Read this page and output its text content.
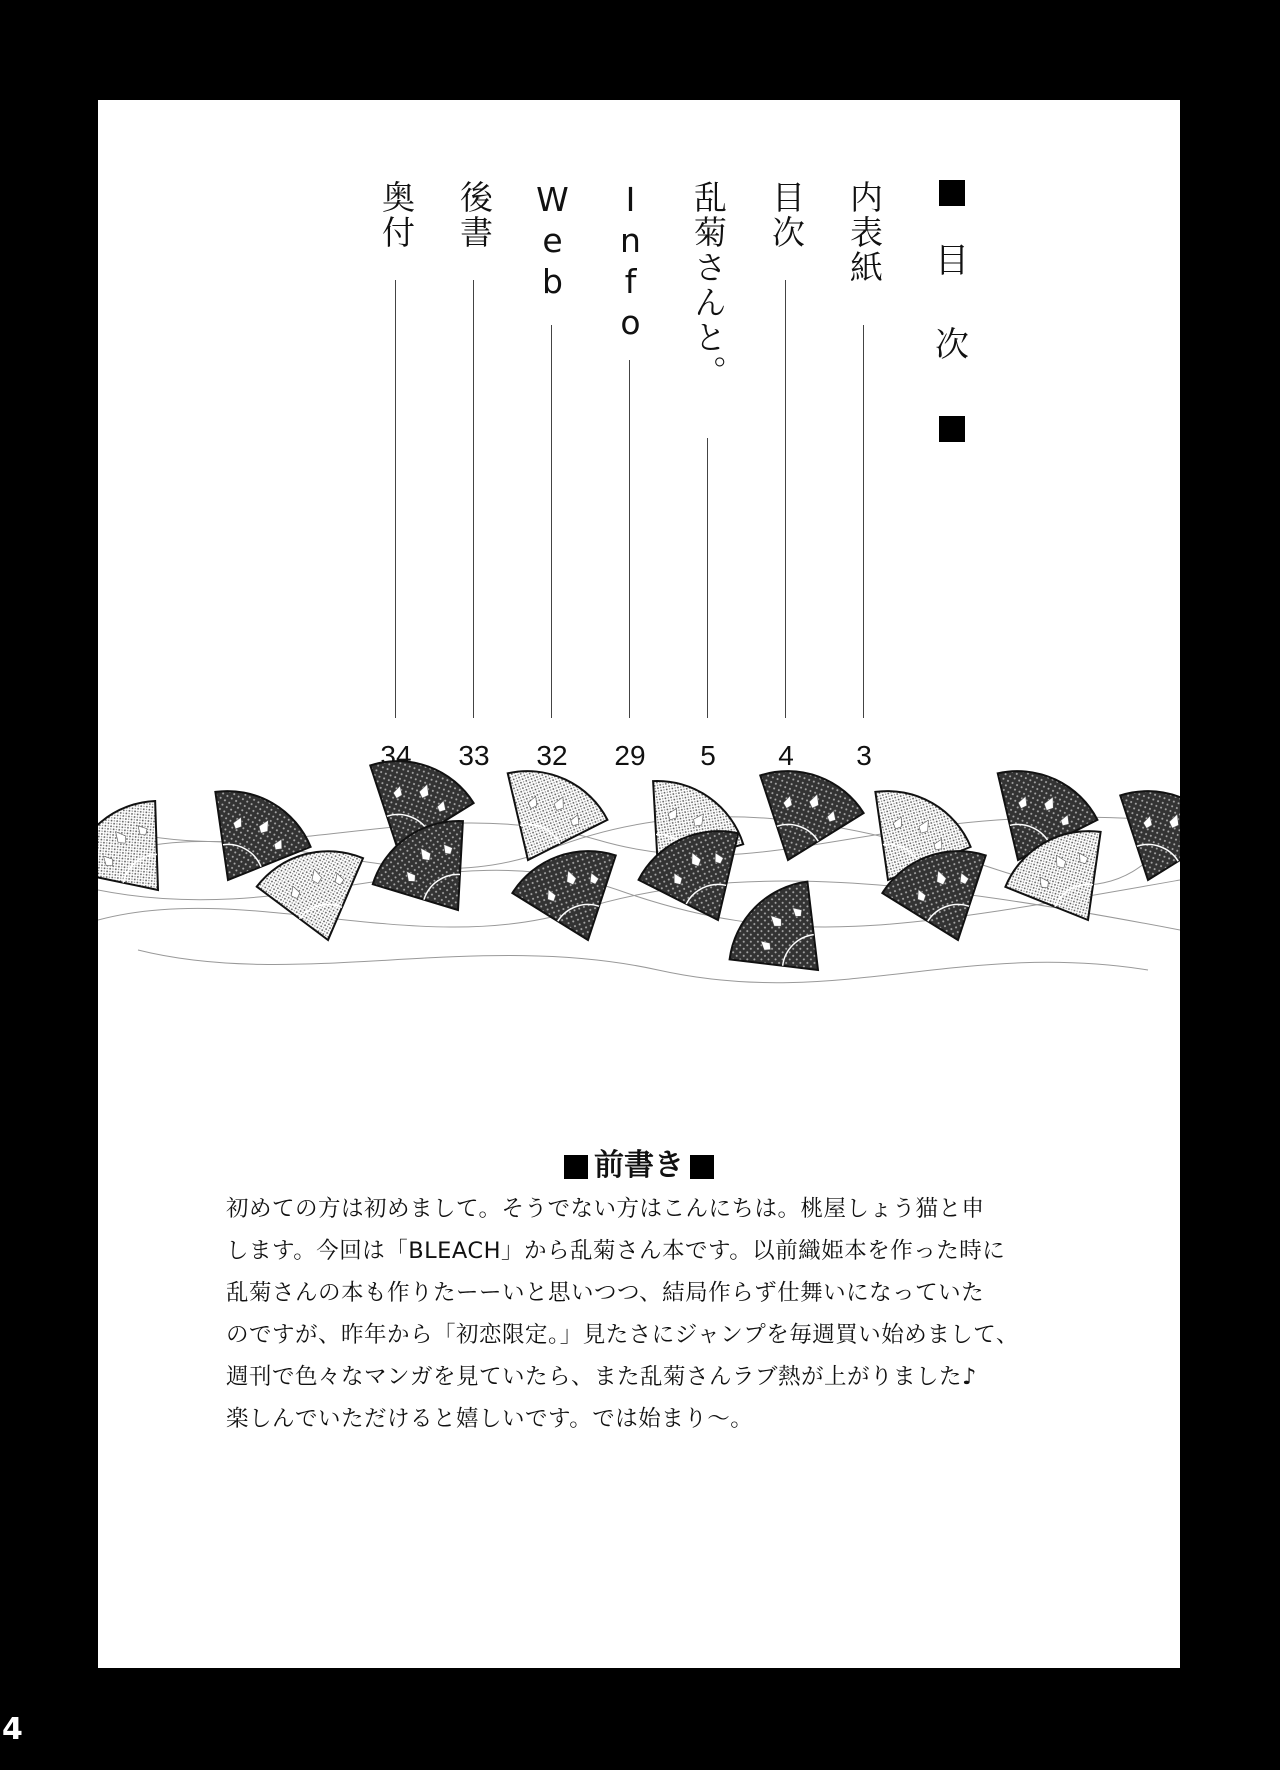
目
次
内表紙
3
目次
4
乱菊さんと。
5
Info
29
Web
32
後書
33
奥付
34
前書き

初めての方は初めまして。そうでない方はこんにちは。桃屋しょう猫と申

します。今回は「BLEACH」から乱菊さん本です。以前織姫本を作った時に

乱菊さんの本も作りたーーいと思いつつ、結局作らず仕舞いになっていた

のですが、昨年から「初恋限定。」見たさにジャンプを毎週買い始めまして、

週刊で色々なマンガを見ていたら、また乱菊さんラブ熱が上がりました♪

楽しんでいただけると嬉しいです。では始まり～。

4
